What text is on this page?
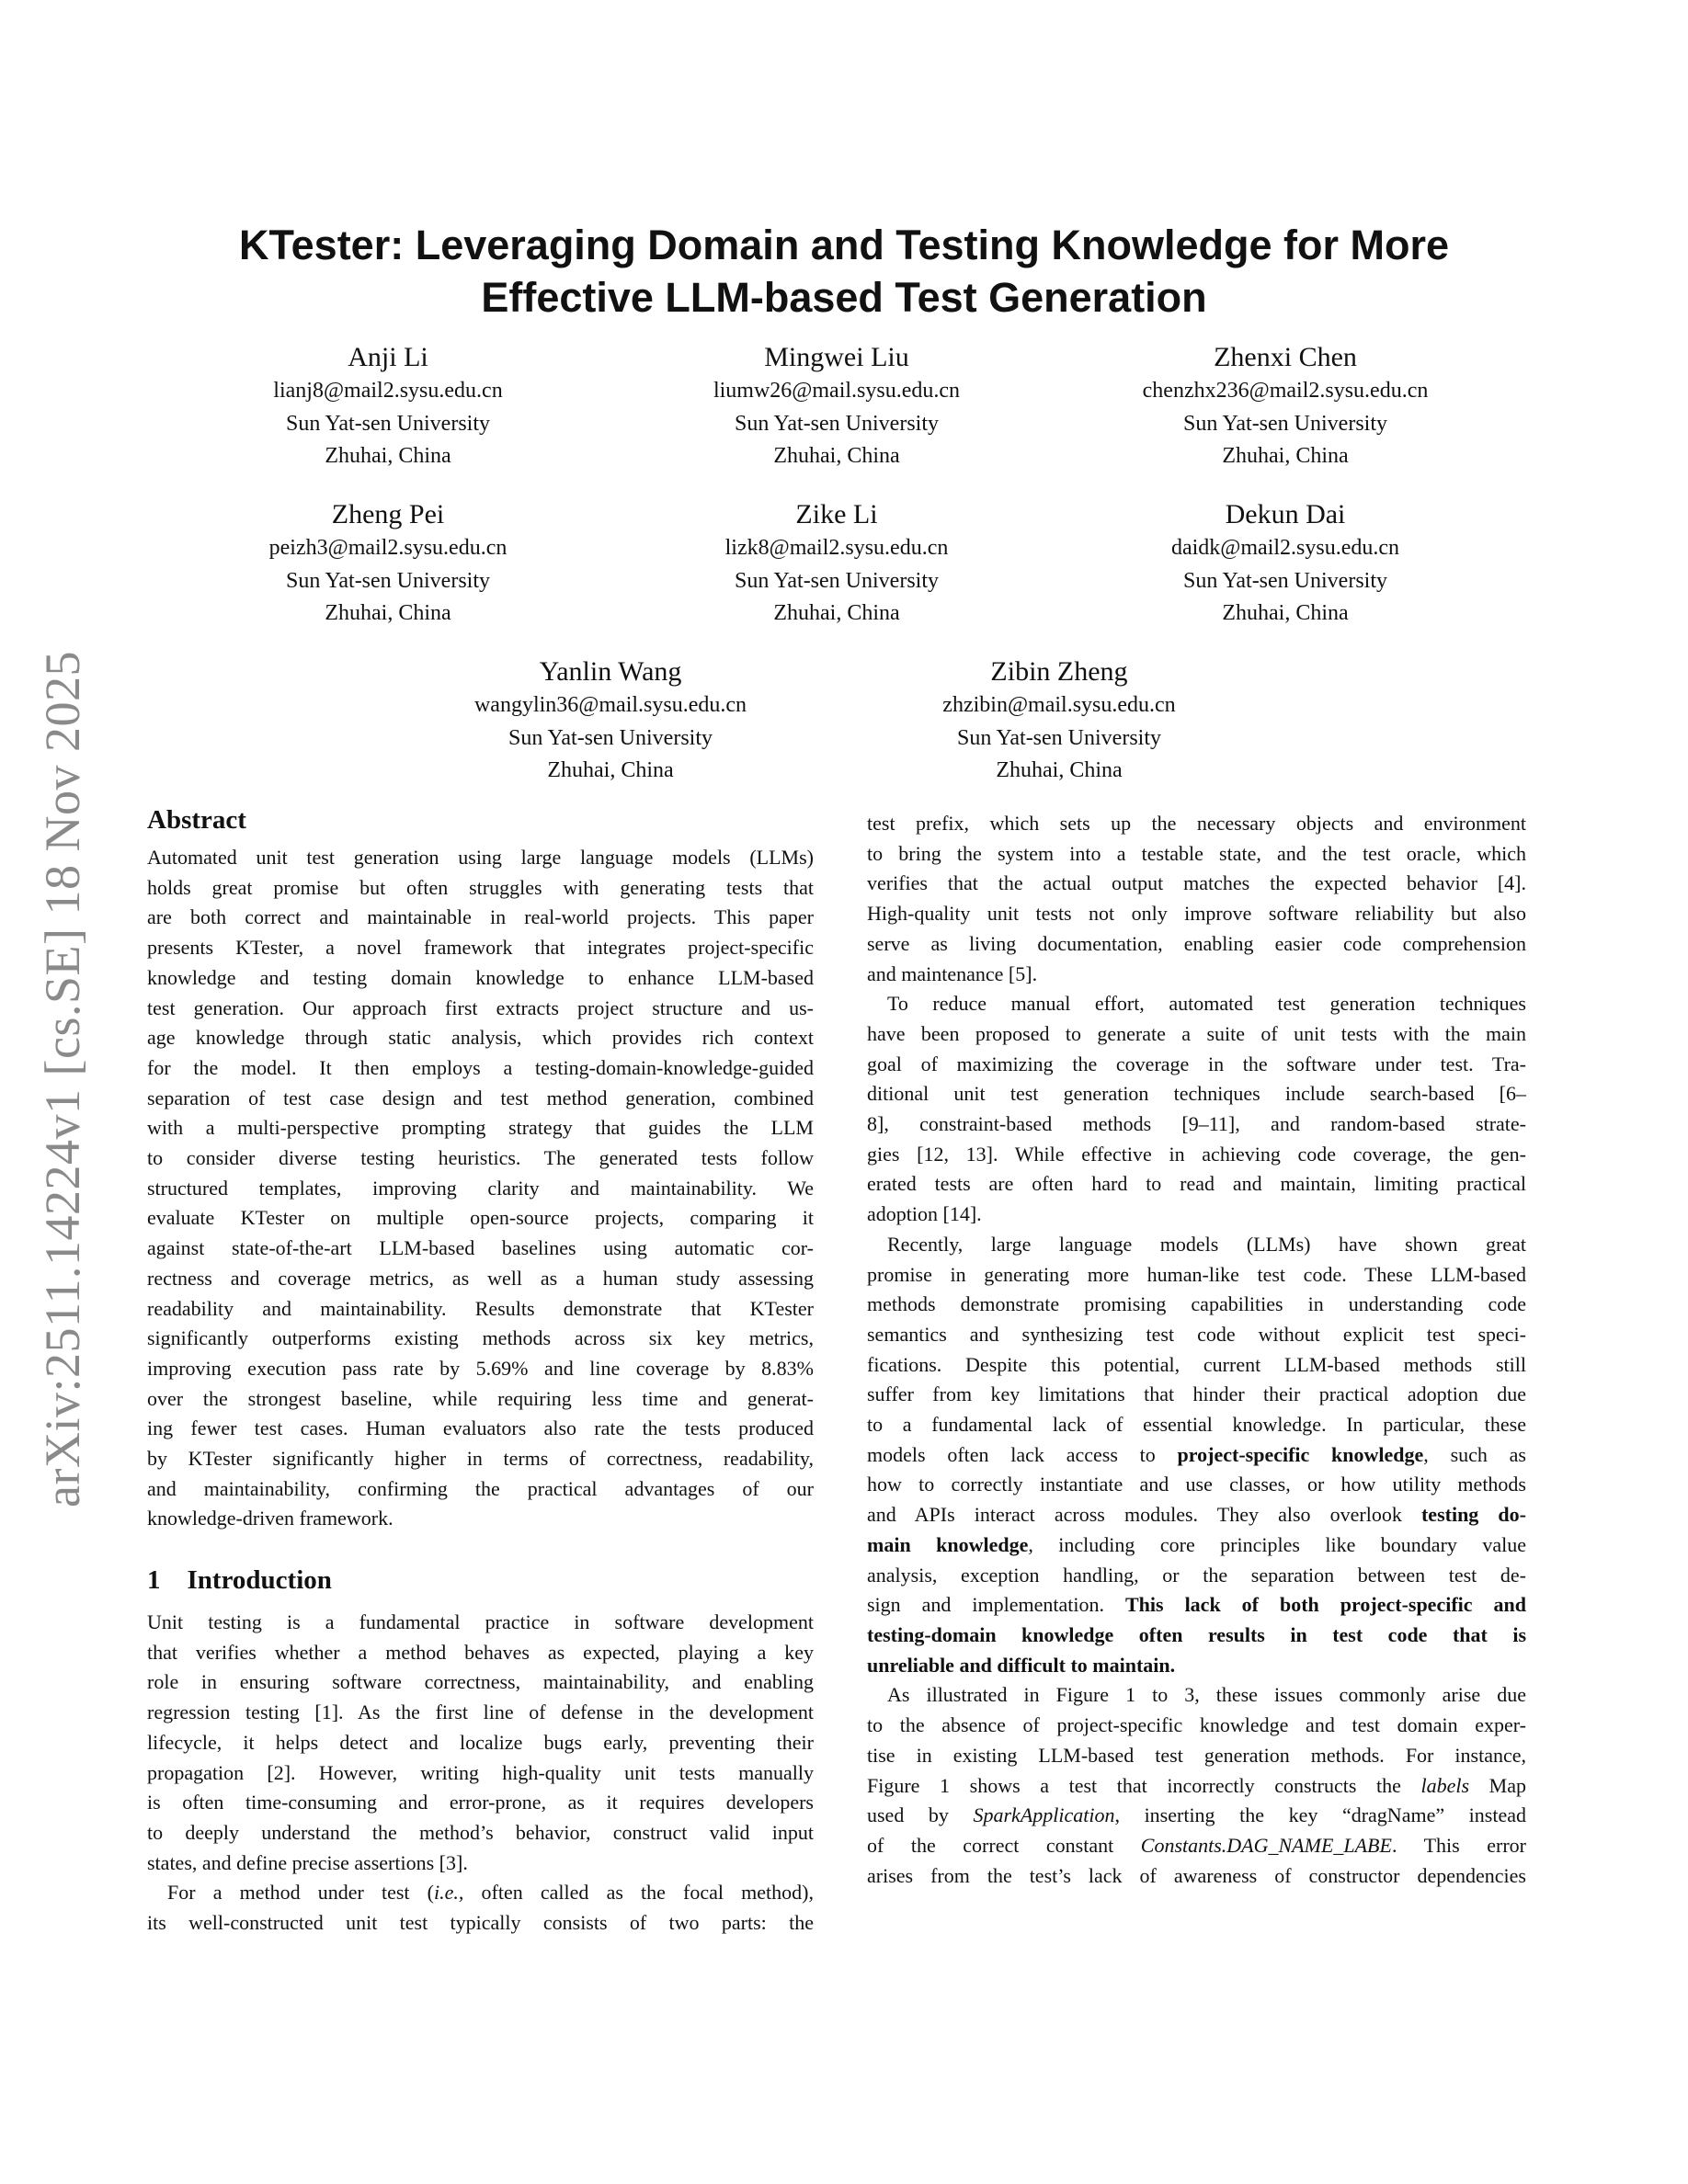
arXiv:2511.14224v1 [cs.SE] 18 Nov 2025
KTester: Leveraging Domain and Testing Knowledge for More
Effective LLM-based Test Generation
Anji Li
lianj8@mail2.sysu.edu.cn
Sun Yat-sen University
Zhuhai, China
Mingwei Liu
liumw26@mail.sysu.edu.cn
Sun Yat-sen University
Zhuhai, China
Zhenxi Chen
chenzhx236@mail2.sysu.edu.cn
Sun Yat-sen University
Zhuhai, China
Zheng Pei
peizh3@mail2.sysu.edu.cn
Sun Yat-sen University
Zhuhai, China
Zike Li
lizk8@mail2.sysu.edu.cn
Sun Yat-sen University
Zhuhai, China
Dekun Dai
daidk@mail2.sysu.edu.cn
Sun Yat-sen University
Zhuhai, China
Yanlin Wang
wangylin36@mail.sysu.edu.cn
Sun Yat-sen University
Zhuhai, China
Zibin Zheng
zhzibin@mail.sysu.edu.cn
Sun Yat-sen University
Zhuhai, China
Abstract
Automated unit test generation using large language models (LLMs)
holds great promise but often struggles with generating tests that
are both correct and maintainable in real-world projects. This paper
presents KTester, a novel framework that integrates project-specific
knowledge and testing domain knowledge to enhance LLM-based
test generation. Our approach first extracts project structure and us-
age knowledge through static analysis, which provides rich context
for the model. It then employs a testing-domain-knowledge-guided
separation of test case design and test method generation, combined
with a multi-perspective prompting strategy that guides the LLM
to consider diverse testing heuristics. The generated tests follow
structured templates, improving clarity and maintainability. We
evaluate KTester on multiple open-source projects, comparing it
against state-of-the-art LLM-based baselines using automatic cor-
rectness and coverage metrics, as well as a human study assessing
readability and maintainability. Results demonstrate that KTester
significantly outperforms existing methods across six key metrics,
improving execution pass rate by 5.69% and line coverage by 8.83%
over the strongest baseline, while requiring less time and generat-
ing fewer test cases. Human evaluators also rate the tests produced
by KTester significantly higher in terms of correctness, readability,
and maintainability, confirming the practical advantages of our
knowledge-driven framework.
1 Introduction
Unit testing is a fundamental practice in software development
that verifies whether a method behaves as expected, playing a key
role in ensuring software correctness, maintainability, and enabling
regression testing [1]. As the first line of defense in the development
lifecycle, it helps detect and localize bugs early, preventing their
propagation [2]. However, writing high-quality unit tests manually
is often time-consuming and error-prone, as it requires developers
to deeply understand the method’s behavior, construct valid input
states, and define precise assertions [3].
For a method under test (i.e., often called as the focal method),
its well-constructed unit test typically consists of two parts: the
test prefix, which sets up the necessary objects and environment
to bring the system into a testable state, and the test oracle, which
verifies that the actual output matches the expected behavior [4].
High-quality unit tests not only improve software reliability but also
serve as living documentation, enabling easier code comprehension
and maintenance [5].
To reduce manual effort, automated test generation techniques
have been proposed to generate a suite of unit tests with the main
goal of maximizing the coverage in the software under test. Tra-
ditional unit test generation techniques include search-based [6–
8], constraint-based methods [9–11], and random-based strate-
gies [12, 13]. While effective in achieving code coverage, the gen-
erated tests are often hard to read and maintain, limiting practical
adoption [14].
Recently, large language models (LLMs) have shown great
promise in generating more human-like test code. These LLM-based
methods demonstrate promising capabilities in understanding code
semantics and synthesizing test code without explicit test speci-
fications. Despite this potential, current LLM-based methods still
suffer from key limitations that hinder their practical adoption due
to a fundamental lack of essential knowledge. In particular, these
models often lack access to project-specific knowledge, such as
how to correctly instantiate and use classes, or how utility methods
and APIs interact across modules. They also overlook testing do-
main knowledge, including core principles like boundary value
analysis, exception handling, or the separation between test de-
sign and implementation. This lack of both project-specific and
testing-domain knowledge often results in test code that is
unreliable and difficult to maintain.
As illustrated in Figure 1 to 3, these issues commonly arise due
to the absence of project-specific knowledge and test domain exper-
tise in existing LLM-based test generation methods. For instance,
Figure 1 shows a test that incorrectly constructs the labels Map
used by SparkApplication, inserting the key “dragName” instead
of the correct constant Constants.DAG_NAME_LABE. This error
arises from the test’s lack of awareness of constructor dependencies
